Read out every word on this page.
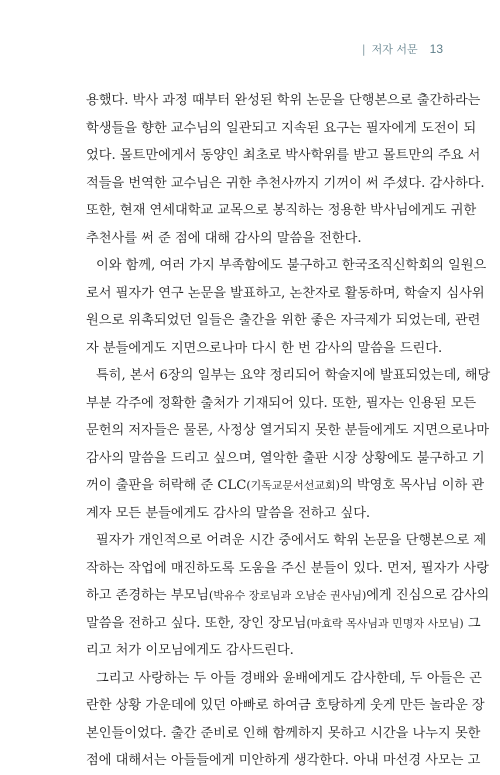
| 저자 서문 13
용했다. 박사 과정 때부터 완성된 학위 논문을 단행본으로 출간하라는
학생들을 향한 교수님의 일관되고 지속된 요구는 필자에게 도전이 되
었다. 몰트만에게서 동양인 최초로 박사학위를 받고 몰트만의 주요 서
적들을 번역한 교수님은 귀한 추천사까지 기꺼이 써 주셨다. 감사하다.
또한, 현재 연세대학교 교목으로 봉직하는 정용한 박사님에게도 귀한
추천사를 써 준 점에 대해 감사의 말씀을 전한다.
이와 함께, 여러 가지 부족함에도 불구하고 한국조직신학회의 일원으
로서 필자가 연구 논문을 발표하고, 논찬자로 활동하며, 학술지 심사위
원으로 위촉되었던 일들은 출간을 위한 좋은 자극제가 되었는데, 관련
자 분들에게도 지면으로나마 다시 한 번 감사의 말씀을 드린다.
특히, 본서 6장의 일부는 요약 정리되어 학술지에 발표되었는데, 해당
부분 각주에 정확한 출처가 기재되어 있다. 또한, 필자는 인용된 모든
문헌의 저자들은 물론, 사정상 열거되지 못한 분들에게도 지면으로나마
감사의 말씀을 드리고 싶으며, 열악한 출판 시장 상황에도 불구하고 기
꺼이 출판을 허락해 준 CLC(기독교문서선교회)의 박영호 목사님 이하 관
계자 모든 분들에게도 감사의 말씀을 전하고 싶다.
필자가 개인적으로 어려운 시간 중에서도 학위 논문을 단행본으로 제
작하는 작업에 매진하도록 도움을 주신 분들이 있다. 먼저, 필자가 사랑
하고 존경하는 부모님(박유수 장로님과 오남순 권사님)에게 진심으로 감사의
말씀을 전하고 싶다. 또한, 장인 장모님(마효락 목사님과 민명자 사모님) 그
리고 처가 이모님에게도 감사드린다.
그리고 사랑하는 두 아들 경배와 윤배에게도 감사한데, 두 아들은 곤
란한 상황 가운데에 있던 아빠로 하여금 호탕하게 웃게 만든 놀라운 장
본인들이었다. 출간 준비로 인해 함께하지 못하고 시간을 나누지 못한
점에 대해서는 아들들에게 미안하게 생각한다. 아내 마선경 사모는 고
